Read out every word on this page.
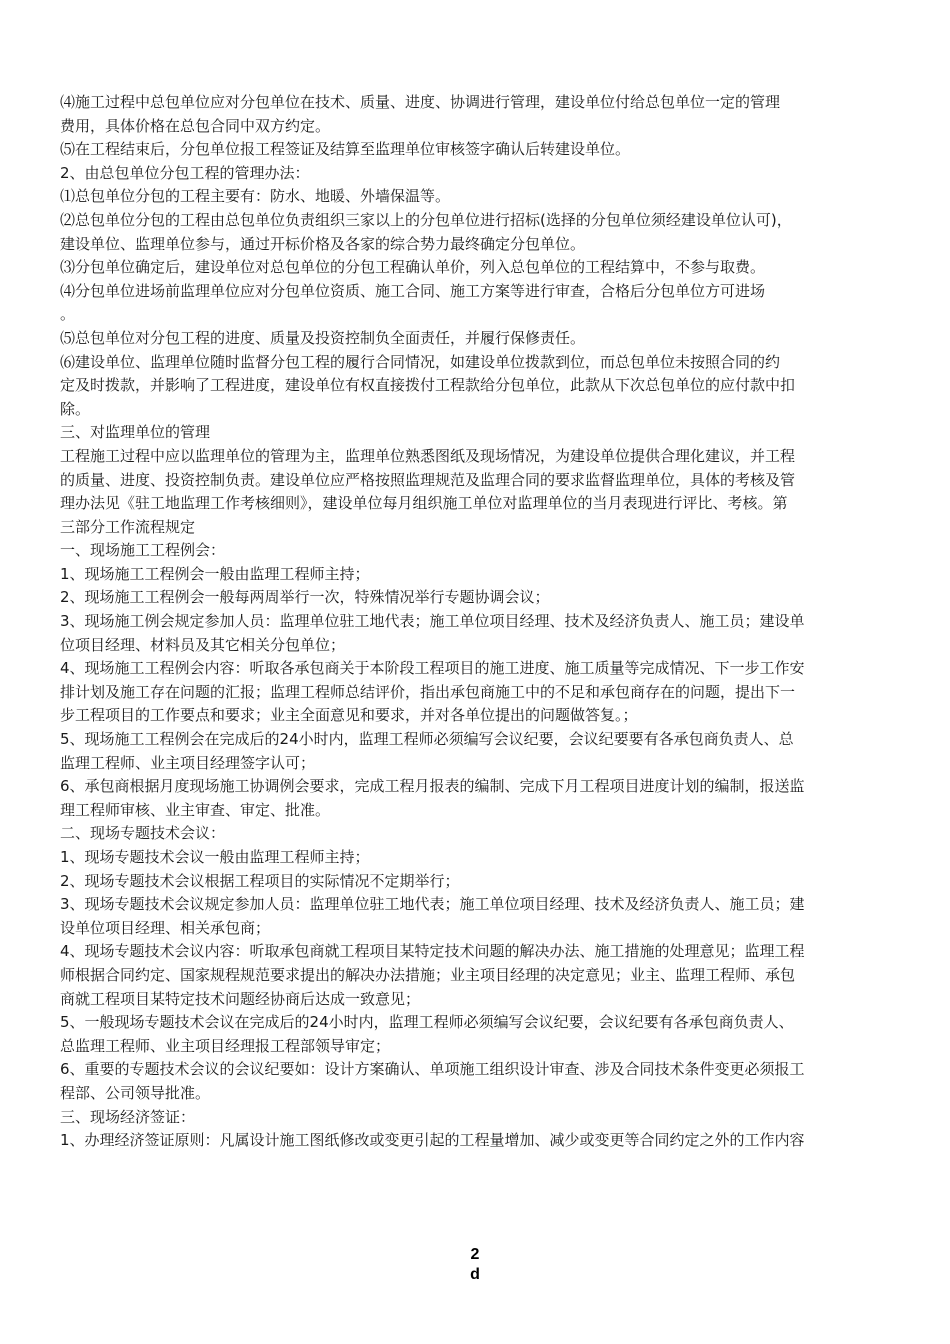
⑷施工过程中总包单位应对分包单位在技术、质量、进度、协调进行管理，建设单位付给总包单位一定的管理
费用，具体价格在总包合同中双方约定。
⑸在工程结束后，分包单位报工程签证及结算至监理单位审核签字确认后转建设单位。
2、由总包单位分包工程的管理办法：
⑴总包单位分包的工程主要有：防水、地暖、外墙保温等。
⑵总包单位分包的工程由总包单位负责组织三家以上的分包单位进行招标(选择的分包单位须经建设单位认可)，
建设单位、监理单位参与，通过开标价格及各家的综合势力最终确定分包单位。
⑶分包单位确定后，建设单位对总包单位的分包工程确认单价，列入总包单位的工程结算中，不参与取费。
⑷分包单位进场前监理单位应对分包单位资质、施工合同、施工方案等进行审查，合格后分包单位方可进场
。
⑸总包单位对分包工程的进度、质量及投资控制负全面责任，并履行保修责任。
⑹建设单位、监理单位随时监督分包工程的履行合同情况，如建设单位拨款到位，而总包单位未按照合同的约
定及时拨款，并影响了工程进度，建设单位有权直接拨付工程款给分包单位，此款从下次总包单位的应付款中扣
除。
三、对监理单位的管理
工程施工过程中应以监理单位的管理为主，监理单位熟悉图纸及现场情况，为建设单位提供合理化建议，并工程
的质量、进度、投资控制负责。建设单位应严格按照监理规范及监理合同的要求监督监理单位，具体的考核及管
理办法见《驻工地监理工作考核细则》，建设单位每月组织施工单位对监理单位的当月表现进行评比、考核。第
三部分工作流程规定
一、现场施工工程例会：
1、现场施工工程例会一般由监理工程师主持；
2、现场施工工程例会一般每两周举行一次，特殊情况举行专题协调会议；
3、现场施工例会规定参加人员：监理单位驻工地代表；施工单位项目经理、技术及经济负责人、施工员；建设单
位项目经理、材料员及其它相关分包单位；
4、现场施工工程例会内容：听取各承包商关于本阶段工程项目的施工进度、施工质量等完成情况、下一步工作安
排计划及施工存在问题的汇报；监理工程师总结评价，指出承包商施工中的不足和承包商存在的问题，提出下一
步工程项目的工作要点和要求；业主全面意见和要求，并对各单位提出的问题做答复。；
5、现场施工工程例会在完成后的24小时内，监理工程师必须编写会议纪要，会议纪要要有各承包商负责人、总
监理工程师、业主项目经理签字认可；
6、承包商根据月度现场施工协调例会要求，完成工程月报表的编制、完成下月工程项目进度计划的编制，报送监
理工程师审核、业主审查、审定、批准。
二、现场专题技术会议：
1、现场专题技术会议一般由监理工程师主持；
2、现场专题技术会议根据工程项目的实际情况不定期举行；
3、现场专题技术会议规定参加人员：监理单位驻工地代表；施工单位项目经理、技术及经济负责人、施工员；建
设单位项目经理、相关承包商；
4、现场专题技术会议内容：听取承包商就工程项目某特定技术问题的解决办法、施工措施的处理意见；监理工程
师根据合同约定、国家规程规范要求提出的解决办法措施；业主项目经理的决定意见；业主、监理工程师、承包
商就工程项目某特定技术问题经协商后达成一致意见；
5、一般现场专题技术会议在完成后的24小时内，监理工程师必须编写会议纪要，会议纪要有各承包商负责人、
总监理工程师、业主项目经理报工程部领导审定；
6、重要的专题技术会议的会议纪要如：设计方案确认、单项施工组织设计审查、涉及合同技术条件变更必须报工
程部、公司领导批准。
三、现场经济签证：
1、办理经济签证原则：凡属设计施工图纸修改或变更引起的工程量增加、减少或变更等合同约定之外的工作内容
2
d
